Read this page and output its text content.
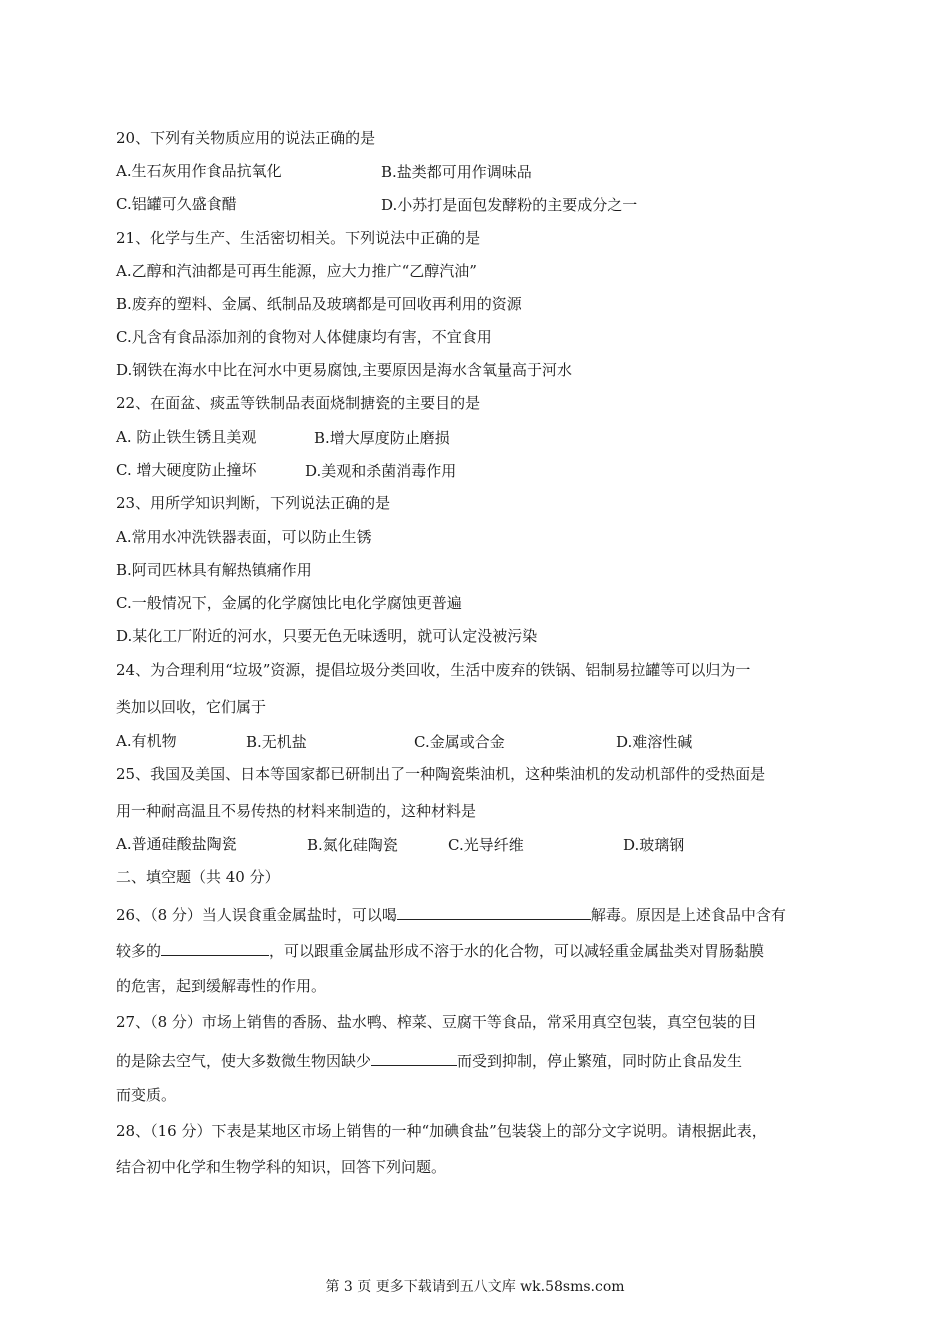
20、下列有关物质应用的说法正确的是
A.生石灰用作食品抗氧化	B.盐类都可用作调味品
C.铝罐可久盛食醋	D.小苏打是面包发酵粉的主要成分之一
21、化学与生产、生活密切相关。下列说法中正确的是
A.乙醇和汽油都是可再生能源，应大力推广“乙醇汽油”
B.废弃的塑料、金属、纸制品及玻璃都是可回收再利用的资源
C.凡含有食品添加剂的食物对人体健康均有害，不宜食用
D.钢铁在海水中比在河水中更易腐蚀,主要原因是海水含氧量高于河水
22、在面盆、痰盂等铁制品表面烧制搪瓷的主要目的是
A. 防止铁生锈且美观	B.增大厚度防止磨损
C. 增大硬度防止撞坏	D.美观和杀菌消毒作用
23、用所学知识判断，下列说法正确的是
A.常用水冲洗铁器表面，可以防止生锈
B.阿司匹林具有解热镇痛作用
C.一般情况下，金属的化学腐蚀比电化学腐蚀更普遍
D.某化工厂附近的河水，只要无色无味透明，就可认定没被污染
24、为合理利用“垃圾”资源，提倡垃圾分类回收，生活中废弃的铁锅、铝制易拉罐等可以归为一
类加以回收，它们属于
A.有机物	B.无机盐	C.金属或合金	D.难溶性碱
25、我国及美国、日本等国家都已研制出了一种陶瓷柴油机，这种柴油机的发动机部件的受热面是
用一种耐高温且不易传热的材料来制造的，这种材料是
A.普通硅酸盐陶瓷	B.氮化硅陶瓷	C.光导纤维	D.玻璃钢
二、填空题（共 40 分）
26、（8 分）当人误食重金属盐时，可以喝	解毒。原因是上述食品中含有
较多的	，可以跟重金属盐形成不溶于水的化合物，可以减轻重金属盐类对胃肠黏膜
的危害，起到缓解毒性的作用。
27、（8 分）市场上销售的香肠、盐水鸭、榨菜、豆腐干等食品，常采用真空包装，真空包装的目
的是除去空气，使大多数微生物因缺少	而受到抑制，停止繁殖，同时防止食品发生
而变质。
28、（16 分）下表是某地区市场上销售的一种“加碘食盐”包装袋上的部分文字说明。请根据此表，
结合初中化学和生物学科的知识，回答下列问题。
第 3 页 更多下载请到五八文库 wk.58sms.com
